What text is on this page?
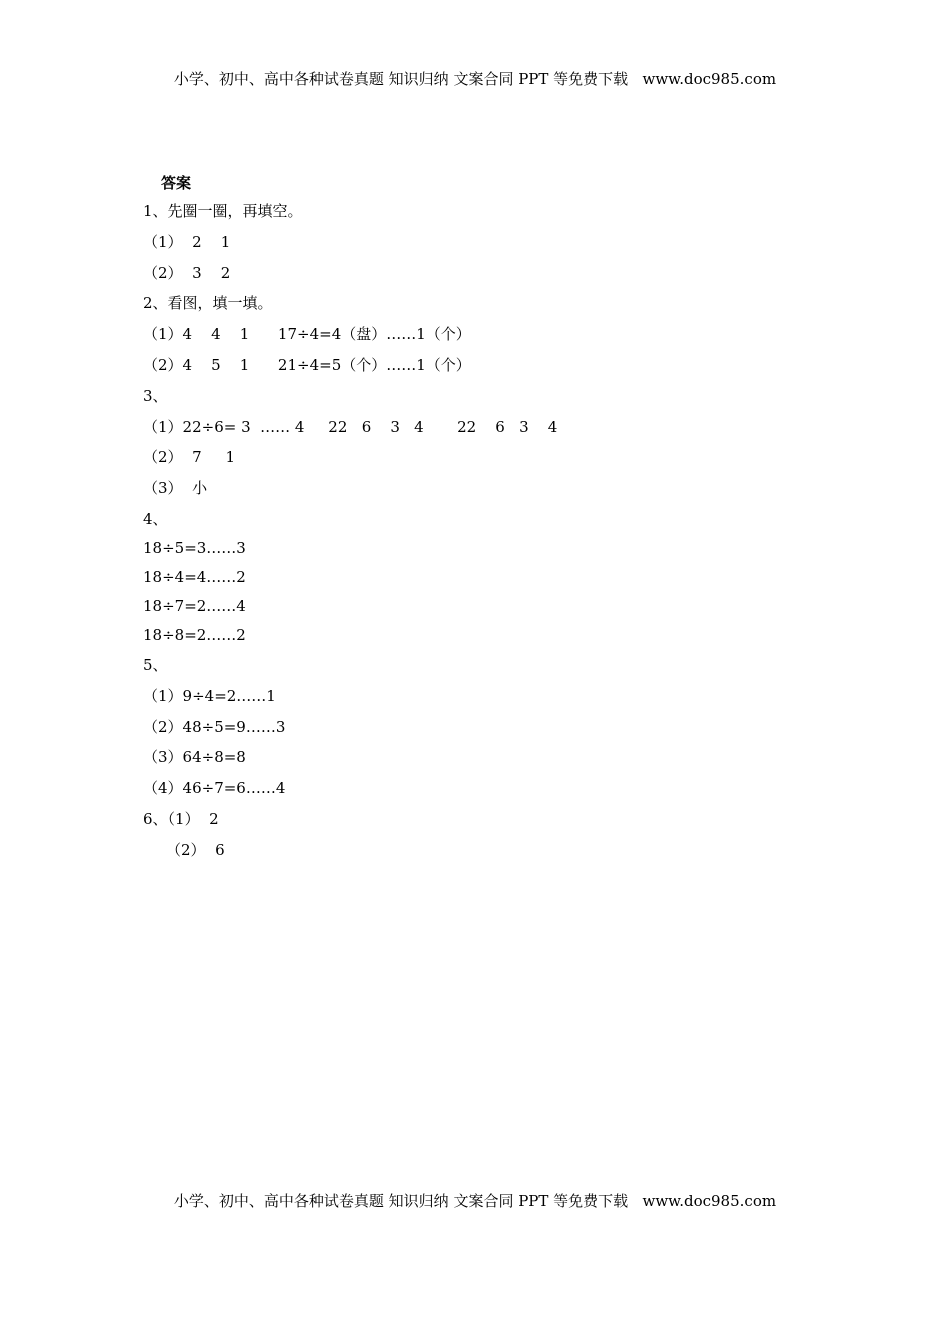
小学、初中、高中各种试卷真题 知识归纳 文案合同 PPT 等免费下载   www.doc985.com
答案
1、先圈一圈，再填空。
（1）  2    1
（2）  3    2
2、看图，填一填。
（1）4    4    1      17÷4=4（盘）……1（个）
（2）4    5    1      21÷4=5（个）……1（个）
3、
（1）22÷6= 3  …… 4     22   6    3   4       22    6   3    4
（2）  7     1
（3）  小
4、
18÷5=3……3
18÷4=4……2
18÷7=2……4
18÷8=2……2
5、
（1）9÷4=2……1
（2）48÷5=9……3
（3）64÷8=8
（4）46÷7=6……4
6、（1）  2
（2）  6
小学、初中、高中各种试卷真题 知识归纳 文案合同 PPT 等免费下载   www.doc985.com
